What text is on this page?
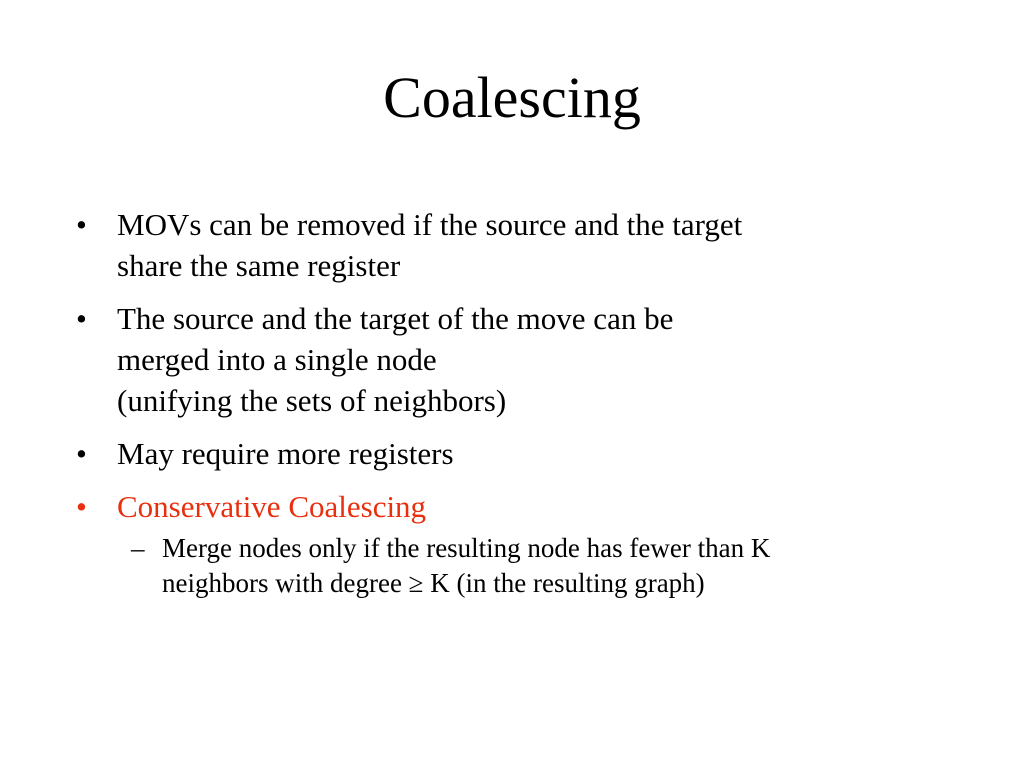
Coalescing
• MOVs can be removed if the source and the target
share the same register
• The source and the target of the move can be
merged into a single node
(unifying the sets of neighbors)
• May require more registers
• Conservative Coalescing
– Merge nodes only if the resulting node has fewer than K
neighbors with degree ≥ K (in the resulting graph)
